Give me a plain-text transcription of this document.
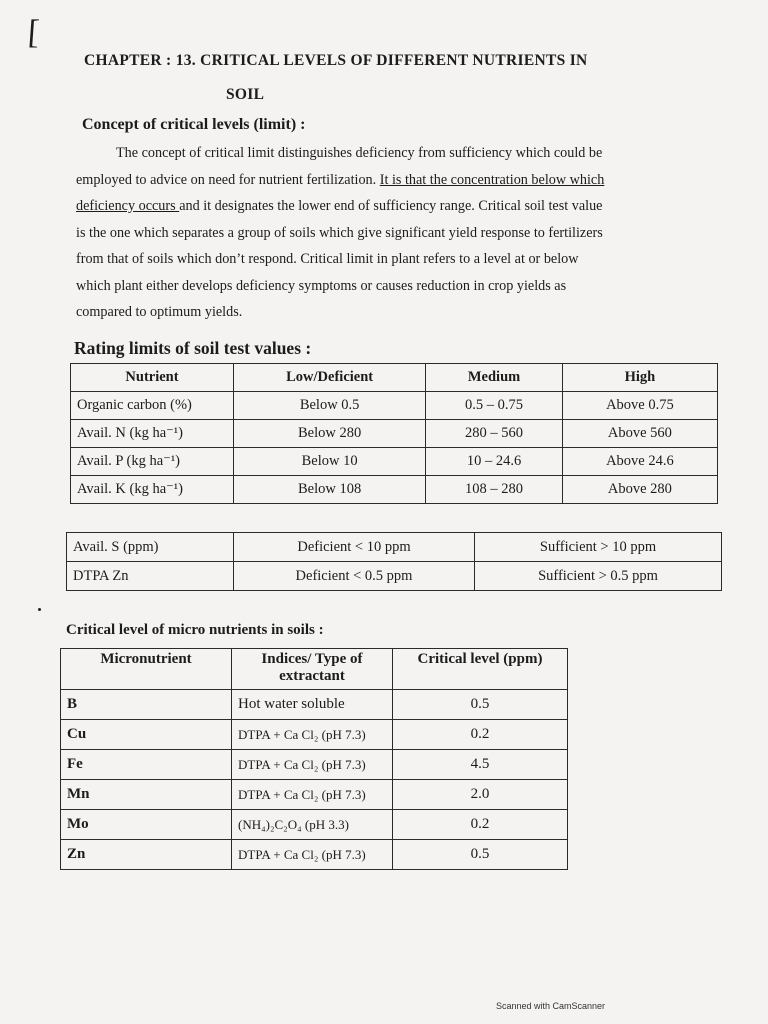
[
CHAPTER : 13. CRITICAL LEVELS OF DIFFERENT NUTRIENTS IN
SOIL
Concept of critical levels (limit) :
The concept of critical limit distinguishes deficiency from sufficiency which could be
employed to advice on need for nutrient fertilization. It is that the concentration below which
deficiency occurs and it designates the lower end of sufficiency range. Critical soil test value
is the one which separates a group of soils which give significant yield response to fertilizers
from that of soils which don’t respond. Critical limit in plant refers to a level at or below
which plant either develops deficiency symptoms or causes reduction in crop yields as
compared to optimum yields.
Rating limits of soil test values :
Nutrient	Low/Deficient	Medium	High
Organic carbon (%)	Below 0.5	0.5 – 0.75	Above 0.75
Avail. N (kg ha⁻¹)	Below 280	280 – 560	Above 560
Avail. P (kg ha⁻¹)	Below 10	10 – 24.6	Above 24.6
Avail. K (kg ha⁻¹)	Below 108	108 – 280	Above 280
Avail. S (ppm)	Deficient < 10 ppm	Sufficient > 10 ppm
DTPA Zn	Deficient < 0.5 ppm	Sufficient > 0.5 ppm
Critical level of micro nutrients in soils :
Micronutrient	Indices/ Type of extractant	Critical level (ppm)
B	Hot water soluble	0.5
Cu	DTPA + Ca Cl₂ (pH 7.3)	0.2
Fe	DTPA + Ca Cl₂ (pH 7.3)	4.5
Mn	DTPA + Ca Cl₂ (pH 7.3)	2.0
Mo	(NH₄)₂C₂O₄ (pH 3.3)	0.2
Zn	DTPA + Ca Cl₂ (pH 7.3)	0.5
Scanned with CamScanner
